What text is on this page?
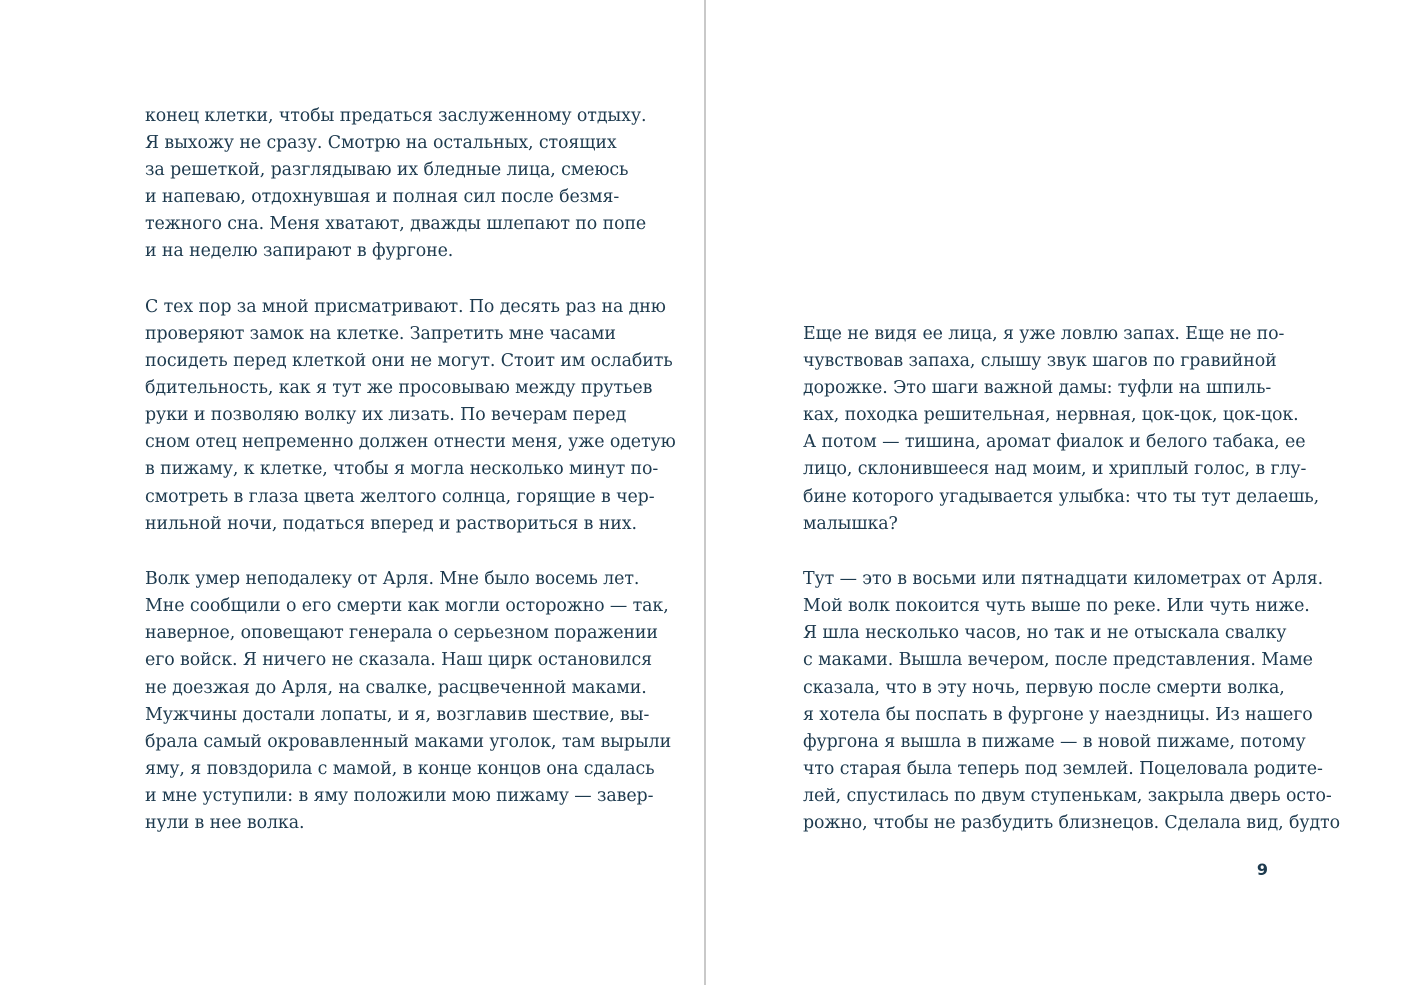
конец клетки, чтобы предаться заслуженному отдыху.
Я выхожу не сразу. Смотрю на остальных, стоящих
за решеткой, разглядываю их бледные лица, смеюсь
и напеваю, отдохнувшая и полная сил после безмя-
тежного сна. Меня хватают, дважды шлепают по попе
и на неделю запирают в фургоне.
С тех пор за мной присматривают. По десять раз на дню
проверяют замок на клетке. Запретить мне часами
посидеть перед клеткой они не могут. Стоит им ослабить
бдительность, как я тут же просовываю между прутьев
руки и позволяю волку их лизать. По вечерам перед
сном отец непременно должен отнести меня, уже одетую
в пижаму, к клетке, чтобы я могла несколько минут по-
смотреть в глаза цвета желтого солнца, горящие в чер-
нильной ночи, податься вперед и раствориться в них.
Волк умер неподалеку от Арля. Мне было восемь лет.
Мне сообщили о его смерти как могли осторожно — так,
наверное, оповещают генерала о серьезном поражении
его войск. Я ничего не сказала. Наш цирк остановился
не доезжая до Арля, на свалке, расцвеченной маками.
Мужчины достали лопаты, и я, возглавив шествие, вы-
брала самый окровавленный маками уголок, там вырыли
яму, я повздорила с мамой, в конце концов она сдалась
и мне уступили: в яму положили мою пижаму — завер-
нули в нее волка.
Еще не видя ее лица, я уже ловлю запах. Еще не по-
чувствовав запаха, слышу звук шагов по гравийной
дорожке. Это шаги важной дамы: туфли на шпиль-
ках, походка решительная, нервная, цок-цок, цок-цок.
А потом — тишина, аромат фиалок и белого табака, ее
лицо, склонившееся над моим, и хриплый голос, в глу-
бине которого угадывается улыбка: что ты тут делаешь,
малышка?
Тут — это в восьми или пятнадцати километрах от Арля.
Мой волк покоится чуть выше по реке. Или чуть ниже.
Я шла несколько часов, но так и не отыскала свалку
с маками. Вышла вечером, после представления. Маме
сказала, что в эту ночь, первую после смерти волка,
я хотела бы поспать в фургоне у наездницы. Из нашего
фургона я вышла в пижаме — в новой пижаме, потому
что старая была теперь под землей. Поцеловала родите-
лей, спустилась по двум ступенькам, закрыла дверь осто-
рожно, чтобы не разбудить близнецов. Сделала вид, будто
9
